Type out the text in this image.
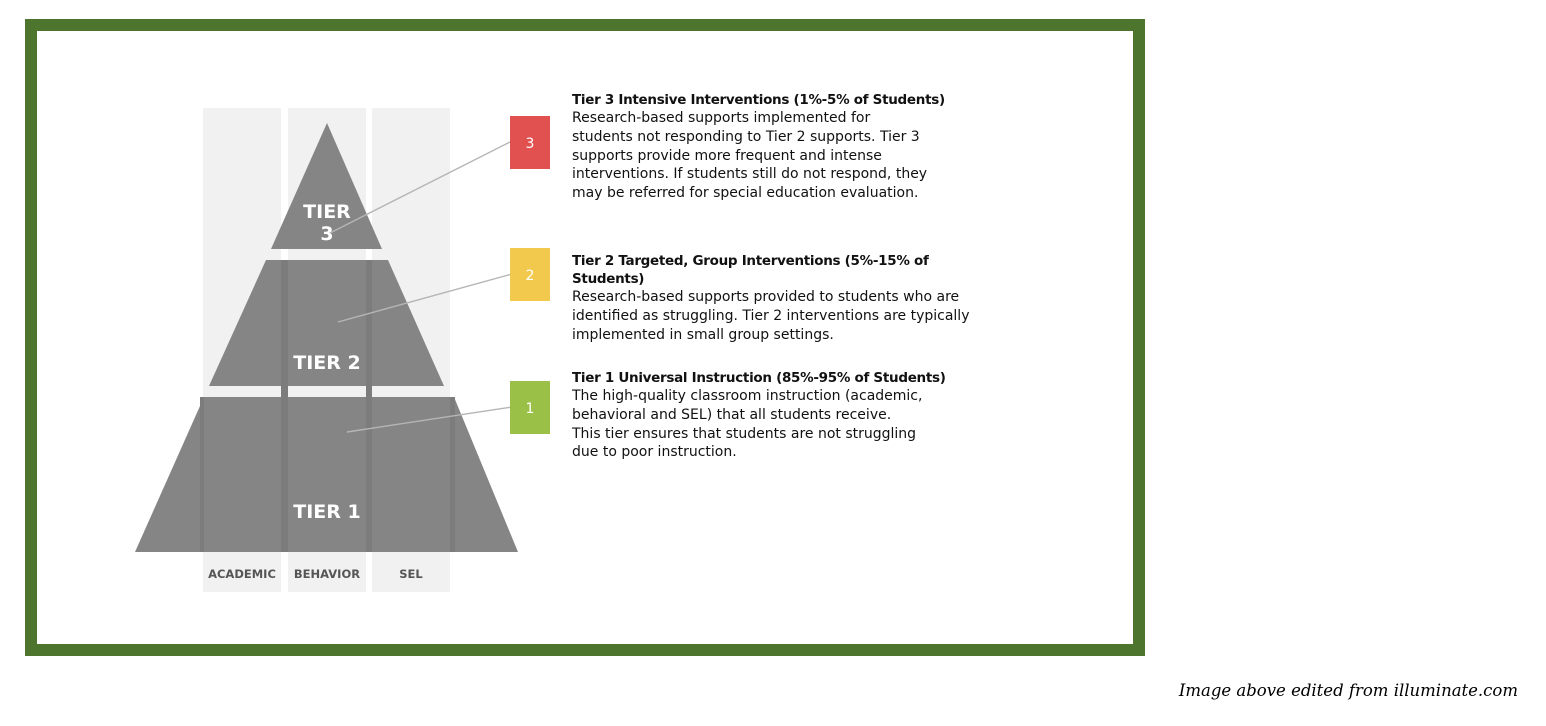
TIER
3
TIER 2
TIER 1
ACADEMIC BEHAVIOR	SEL
3
2
1

Tier 3 Intensive Interventions (1%-5% of Students)

Research-based supports implemented for
students not responding to Tier 2 supports. Tier 3
supports provide more frequent and intense
interventions. If students still do not respond, they
may be referred for special education evaluation.

Tier 2 Targeted, Group Interventions (5%-15% of Students)

Research-based supports provided to students who are
identified as struggling. Tier 2 interventions are typically
implemented in small group settings.

Tier 1 Universal Instruction (85%-95% of Students)

The high-quality classroom instruction (academic,
behavioral and SEL) that all students receive.
This tier ensures that students are not struggling
due to poor instruction.

Image above edited from illuminate.com
